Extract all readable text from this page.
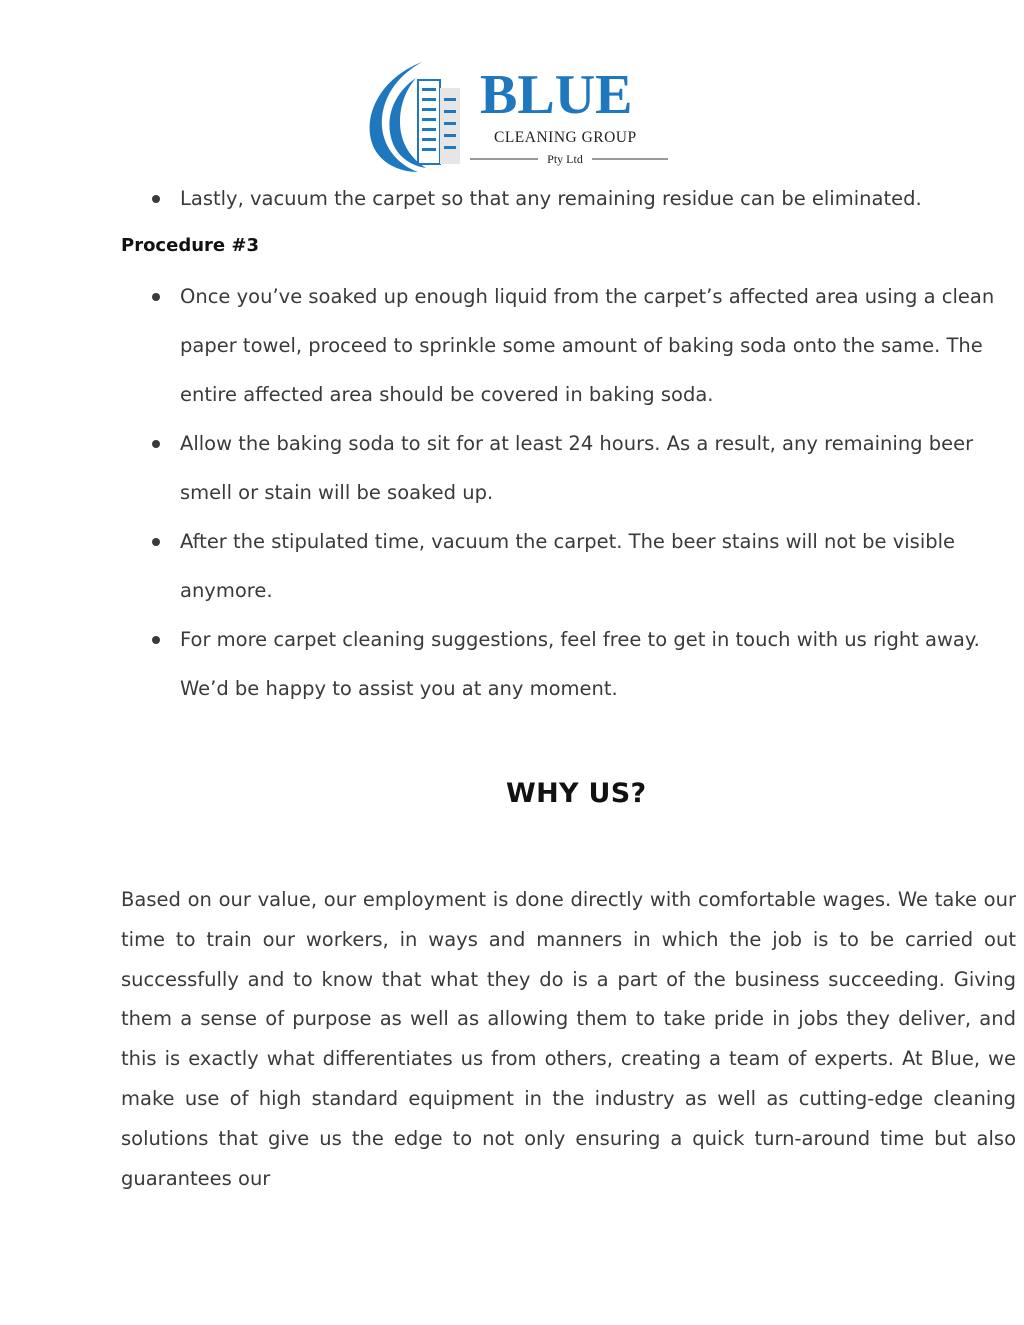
BLUE
CLEANING GROUP
Pty Ltd
Lastly, vacuum the carpet so that any remaining residue can be eliminated.
Procedure #3
Once you’ve soaked up enough liquid from the carpet’s affected area using a clean paper towel, proceed to sprinkle some amount of baking soda onto the same. The entire affected area should be covered in baking soda.
Allow the baking soda to sit for at least 24 hours. As a result, any remaining beer smell or stain will be soaked up.
After the stipulated time, vacuum the carpet. The beer stains will not be visible anymore.
For more carpet cleaning suggestions, feel free to get in touch with us right away. We’d be happy to assist you at any moment.
WHY US?

Based on our value, our employment is done directly with comfortable wages. We take our time to train our workers, in ways and manners in which the job is to be carried out successfully and to know that what they do is a part of the business succeeding. Giving them a sense of purpose as well as allowing them to take pride in jobs they deliver, and this is exactly what differentiates us from others, creating a team of experts. At Blue, we make use of high standard equipment in the industry as well as cutting-edge cleaning solutions that give us the edge to not only ensuring a quick turn-around time but also guarantees our
